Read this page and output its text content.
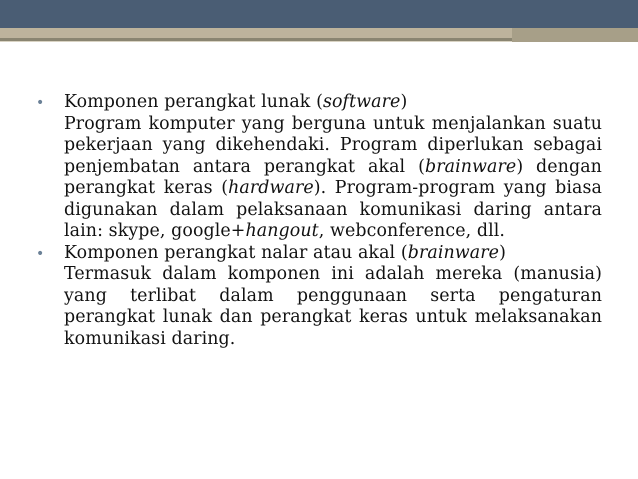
• Komponen perangkat lunak (software)
Program komputer yang berguna untuk menjalankan suatu pekerjaan yang dikehendaki. Program diperlukan sebagai penjembatan antara perangkat akal (brainware) dengan perangkat keras (hardware). Program-program yang biasa digunakan dalam pelaksanaan komunikasi daring antara lain: skype, google+hangout, webconference, dll.
• Komponen perangkat nalar atau akal (brainware)
Termasuk dalam komponen ini adalah mereka (manusia) yang terlibat dalam penggunaan serta pengaturan perangkat lunak dan perangkat keras untuk melaksanakan komunikasi daring.
